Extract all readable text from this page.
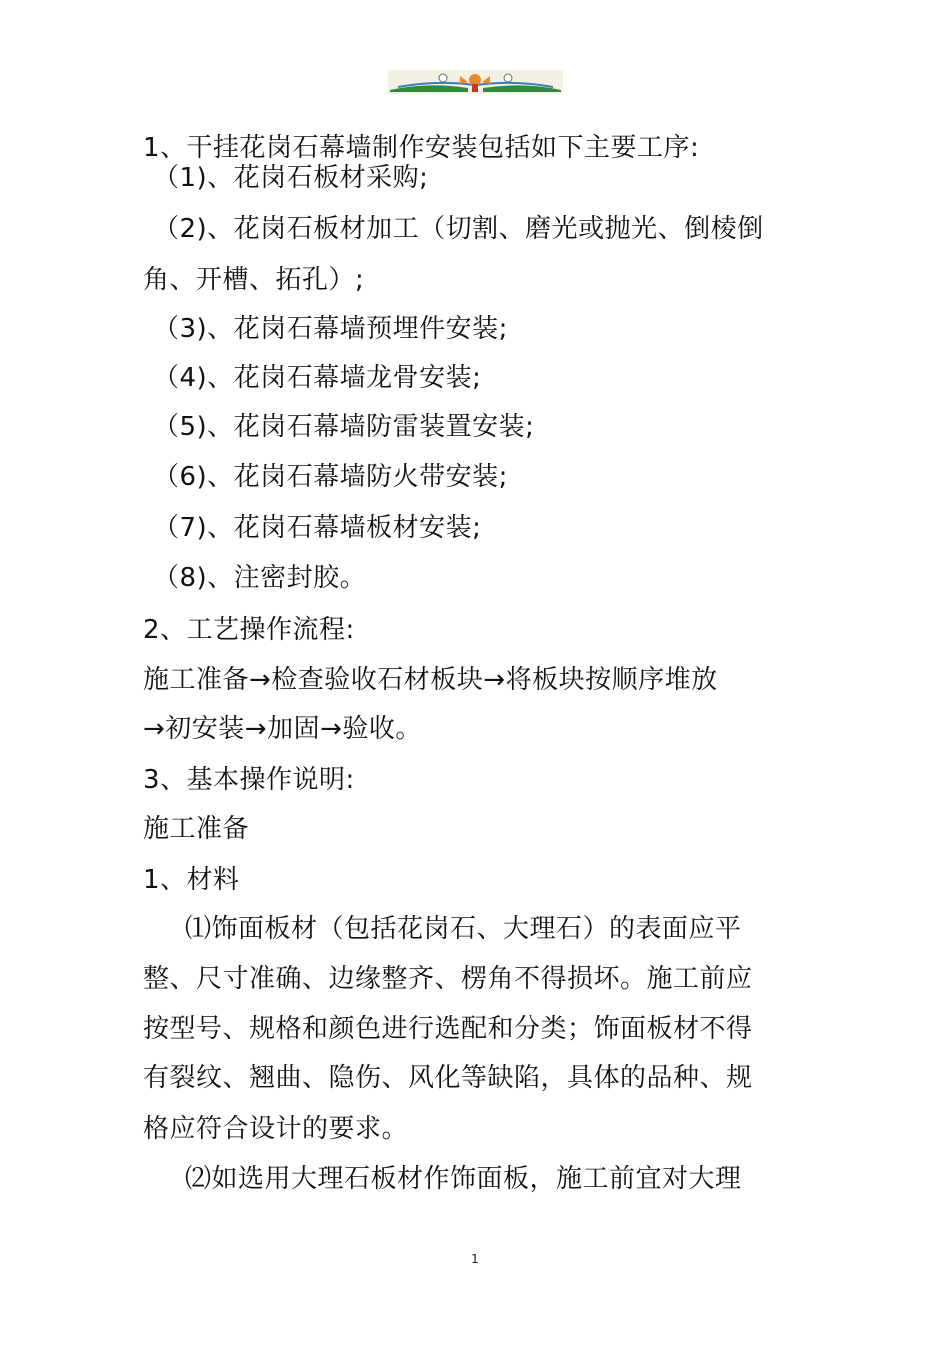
1、干挂花岗石幕墙制作安装包括如下主要工序:
（1)、花岗石板材采购;
（2)、花岗石板材加工（切割、磨光或抛光、倒棱倒
角、开槽、拓孔）;
（3)、花岗石幕墙预埋件安装;
（4)、花岗石幕墙龙骨安装;
（5)、花岗石幕墙防雷装置安装;
（6)、花岗石幕墙防火带安装;
（7)、花岗石幕墙板材安装;
（8)、注密封胶。
2、工艺操作流程:
施工准备→检查验收石材板块→将板块按顺序堆放
→初安装→加固→验收。
3、基本操作说明:
施工准备
1、材料
⑴饰面板材（包括花岗石、大理石）的表面应平
整、尺寸准确、边缘整齐、楞角不得损坏。施工前应
按型号、规格和颜色进行选配和分类；饰面板材不得
有裂纹、翘曲、隐伤、风化等缺陷，具体的品种、规
格应符合设计的要求。
⑵如选用大理石板材作饰面板，施工前宜对大理
1
